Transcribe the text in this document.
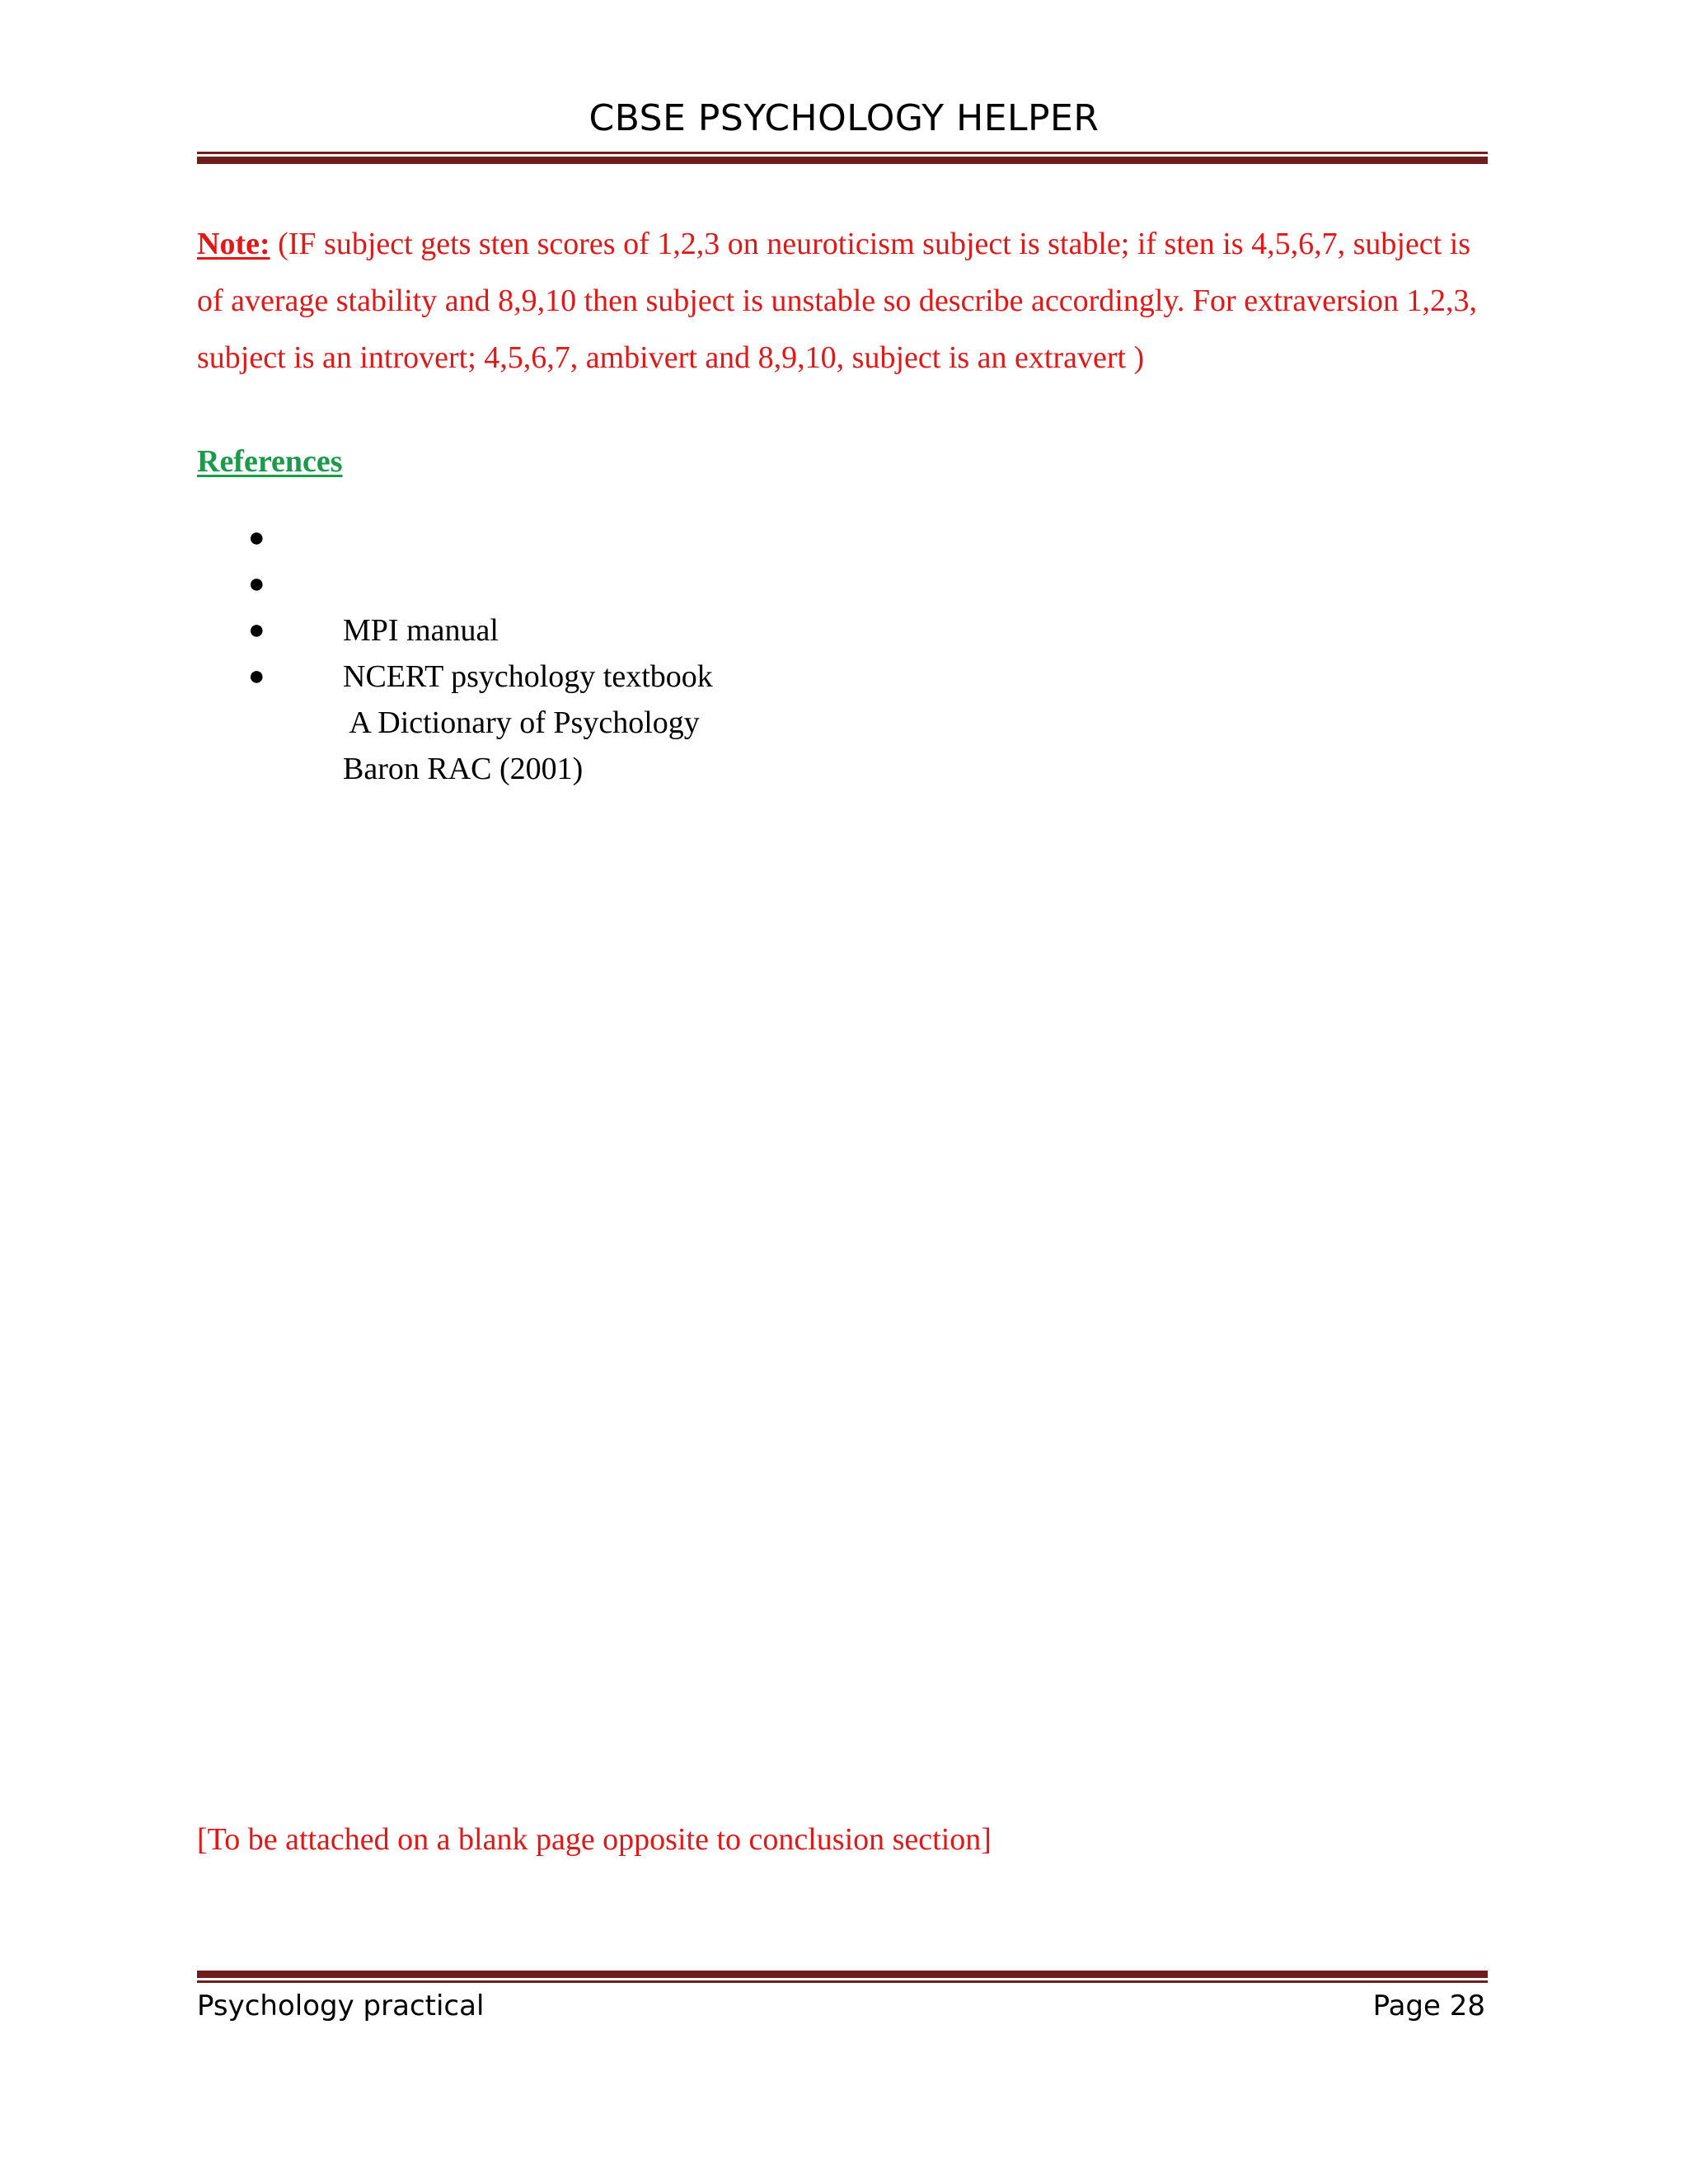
CBSE PSYCHOLOGY HELPER
Note: (IF subject gets sten scores of 1,2,3 on neuroticism subject is stable; if sten is 4,5,6,7, subject is of average stability and 8,9,10 then subject is unstable so describe accordingly. For extraversion 1,2,3, subject is an introvert; 4,5,6,7, ambivert and 8,9,10, subject is an extravert )
References

●

MPI manual

●

NCERT psychology textbook

●

A Dictionary of Psychology

●

Baron RAC (2001)

[To be attached on a blank page opposite to conclusion section]
Psychology practical	Page 28
